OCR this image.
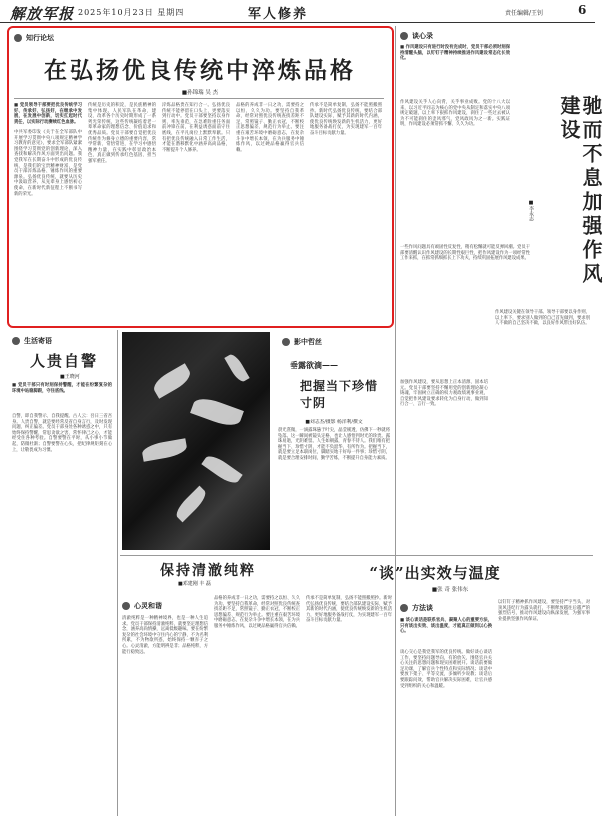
解放军报 2025年10月23日 星期四	军人修养	责任编辑/王钊	6
知行论坛
在弘扬优良传统中淬炼品格
■孙锦瑞 吴 杰
■ 党员领导干部要把优良传统学习好、传承好、弘扬好，在继承中发展，在发展中创新，切实扛起时代责任，以实际行动赓续红色血脉。
中共军委印发《关于在全军部队中开展学习贯彻中央八项规定精神学习教育的意见》，要求全军部队紧紧围绕学习贯彻党的创新理论，深入查找和解决作风方面突出问题。我党我军在长期奋斗中形成的优良传统，是我们的宝贵精神财富，是党员干部淬炼品格、锤炼作风的重要源泉。弘扬优良传统，就要从历史中汲取营养，从先辈身上感悟初心使命，在新时代新征程上不断书写新的荣光。
传统是历史的积淀，是民族精神的集中体现。人民军队在革命、建设、改革各个历史时期形成了一系列光荣传统，这些传统凝结着老一辈革命家的理想信念、价值追求和优秀品质。党员干部要自觉把优良传统作为修身立德的重要内容，常学常新、常悟常进，在学习中感悟精神力量，在实践中彰显政治本色，真正做到传承红色基因、担当强军重任。
淬炼品格贵在知行合一。弘扬优良传统不能停留在口头上，更要落实到行动中。党员干部要坚持以身作则、率先垂范，在急难险重任务面前冲锋在前，在利益诱惑面前守住底线，在平凡岗位上默默奉献。只有把优良传统融入日常工作生活，才能在潜移默化中涵养高尚品格，不断提升个人修养。
品格的养成非一日之功，需要持之以恒、久久为功。要坚持自我革命，经常对照优良传统查找差距不足，常照镜子、勤正衣冠，不断校正思想偏差、规范行为举止。要注重在艰苦环境中磨砺意志，在复杂斗争中增长本领，在为兵服务中锤炼作风，以过硬品格赢得官兵信赖。
传承不是简单复制，弘扬不能照搬照抄。新时代弘扬优良传统，要结合部队建设实际，赋予其新的时代内涵，使优良传统焕发新的生机活力，更好地服务备战打仗，为实现建军一百年奋斗目标贡献力量。
谈心录
■ 作风建设只有进行时没有完成时，党员干部必须时刻保持清醒头脑，以钉钉子精神持续推进作风建设常态化长效化。
驰而不息加强作风建设
■李永志
作风建设关乎人心向背，关乎事业成败。党的十八大以来，以习近平同志为核心的党中央从制定和落实中央八项规定破题，以上率下狠抓作风建设，刹住了一些过去被认为不可能刹住的歪风邪气，党风政风为之一新。实践证明，作风建设必须常抓不懈、久久为功。
一些作风问题具有顽固性反复性，稍有松懈就可能反弹回潮。党员干部要清醒认识作风建设的长期性艰巨性，把作风建设作为一项经常性工作来抓，在抓常抓细抓长上下功夫，持续巩固拓展作风建设成果。
加强作风建设，要从思想上正本清源、固本培元。党员干部要坚持不懈用党的创新理论凝心铸魂，牢固树立正确的权力观政绩观事业观，自觉把作风建设要求转化为自身行动，做到知行合一、言行一致。
作风建设关键在领导干部。领导干部要以身作则、以上率下，要求别人做到的自己首先做到，要求别人不做的自己坚决不做，以良好作风带出好队伍。
“谈”出实效与温度
■张 奇 张伟东
方法谈
■ 谈心谈话是联系官兵、凝聚人心的重要方法，只有谈出实效、谈出温度，才能真正做到以心换心。
谈心交心是我党我军的优良传统。做好谈心谈话工作，要坚持问题导向，有的放矢，围绕官兵关心关注的思想问题和现实困难展开。谈话前要做足功课，了解官兵个性特点和实际情况；谈话中要放下架子、平等交流，多倾听少说教；谈话后要跟踪问效，帮助官兵解决实际困难，让官兵感受到组织的关心和温暖。
以钉钉子精神抓作风建设，要坚持严字当头，对顶风违纪行为露头就打，不断释放越往后越严的强烈信号，推动作风建设向纵深发展，为强军事业提供坚强作风保证。
生活寄语
人贵自警
■王晓河
■ 党员干部只有时刻保持警醒，才能在纷繁复杂的环境中站稳脚跟，守住底线。
自警，即自我警示、自我提醒。古人云：吾日三省吾身。人贵自警，就是要经常反省自身言行，及时发现问题、纠正偏差。党员干部身处各种诱惑之中，只有始终保持警醒，常思贪欲之害，常怀律己之心，才能经受住各种考验。自警要警在平时，从小事小节做起，防微杜渐；自警要警在心头，把纪律规矩刻在心上，让敬畏成为习惯。
影中哲丝
垂露欲滴——
把握当下珍惜寸阴
■刘志杰/摄影 杨洋利/撰文
晨光熹微，一滴露珠悬于叶尖，晶莹剔透，仿佛下一秒就将坠落。这一瞬间被镜头定格，也让人感悟到时光的珍贵。露珠易逝，光阴难留。人生如朝露，青春不待人。我们唯有把握当下、珍惜寸阴，才能不负韶华、有所作为。把握当下，就是要立足本职岗位，脚踏实地干好每一件事；珍惜寸阴，就是要合理安排时间，勤学苦练，不断提升自身能力素质。
保持清澈纯粹
■邓建刚 丰 磊
心灵和谐
清澈纯粹是一种精神境界，也是一种人生追求。党员干部保持清澈纯粹，就要坚定理想信念，涵养高尚情操，远离低级趣味。要在纷繁复杂的社会环境中守住内心的宁静，不为名利所累，不为物欲所惑，始终保持一颗赤子之心。心灵清澈，方能明辨是非；品格纯粹，方能行稳致远。
品格的养成非一日之功，需要持之以恒、久久为功。要坚持自我革命，经常对照优良传统查找差距不足，常照镜子、勤正衣冠，不断校正思想偏差、规范行为举止。要注重在艰苦环境中磨砺意志，在复杂斗争中增长本领，在为兵服务中锤炼作风，以过硬品格赢得官兵信赖。
传承不是简单复制，弘扬不能照搬照抄。新时代弘扬优良传统，要结合部队建设实际，赋予其新的时代内涵，使优良传统焕发新的生机活力，更好地服务备战打仗，为实现建军一百年奋斗目标贡献力量。
